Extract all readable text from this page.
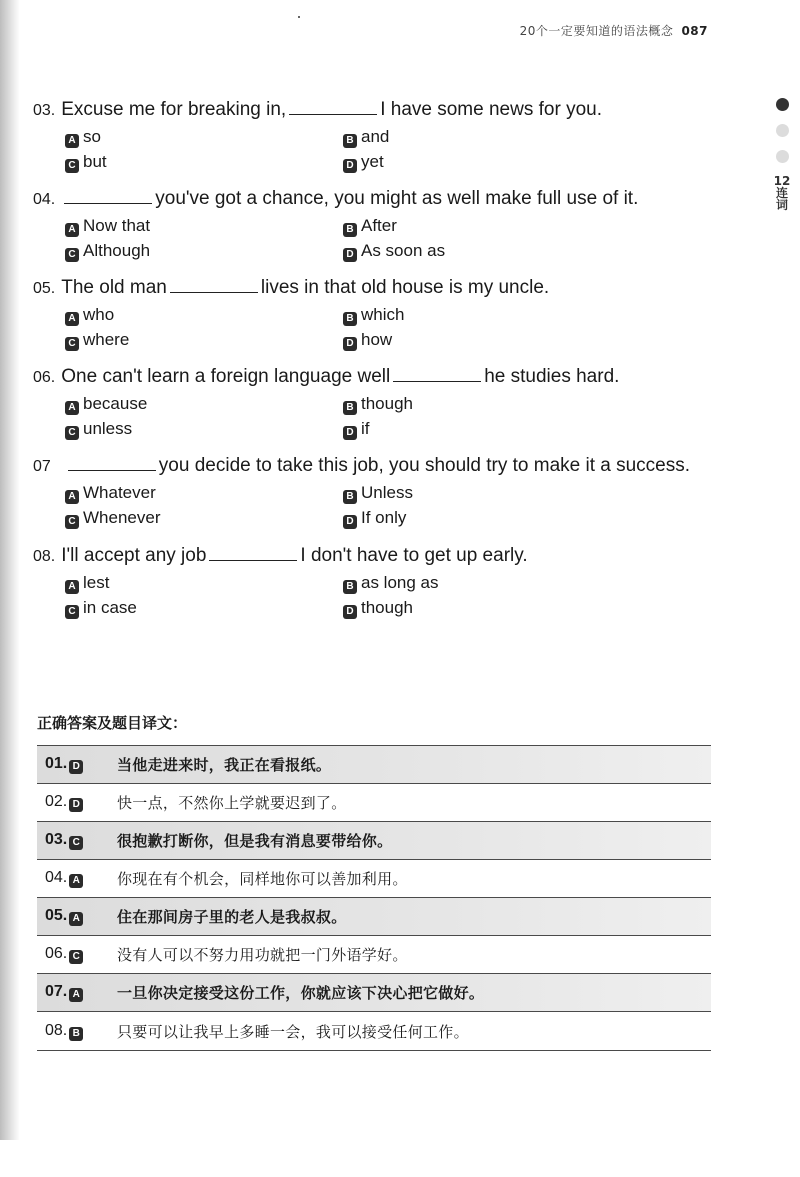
20个一定要知道的语法概念 087
12
连
词
03. Excuse me for breaking in,	I have some news for you.
A so	B and
C but	D yet
04.	you've got a chance, you might as well make full use of it.
A Now that	B After
C Although	D As soon as
05. The old man	lives in that old house is my uncle.
A who	B which
C where	D how
06. One can't learn a foreign language well	he studies hard.
A because	B though
C unless	D if
07	you decide to take this job, you should try to make it a success.
A Whatever	B Unless
C Whenever	D If only
08. I'll accept any job	I don't have to get up early.
A lest	B as long as
C in case	D though
正确答案及题目译文：
01. D	当他走进来时，我正在看报纸。
02. D	快一点，不然你上学就要迟到了。
03. C	很抱歉打断你，但是我有消息要带给你。
04. A	你现在有个机会，同样地你可以善加利用。
05. A	住在那间房子里的老人是我叔叔。
06. C	没有人可以不努力用功就把一门外语学好。
07. A	一旦你决定接受这份工作，你就应该下决心把它做好。
08. B	只要可以让我早上多睡一会，我可以接受任何工作。
